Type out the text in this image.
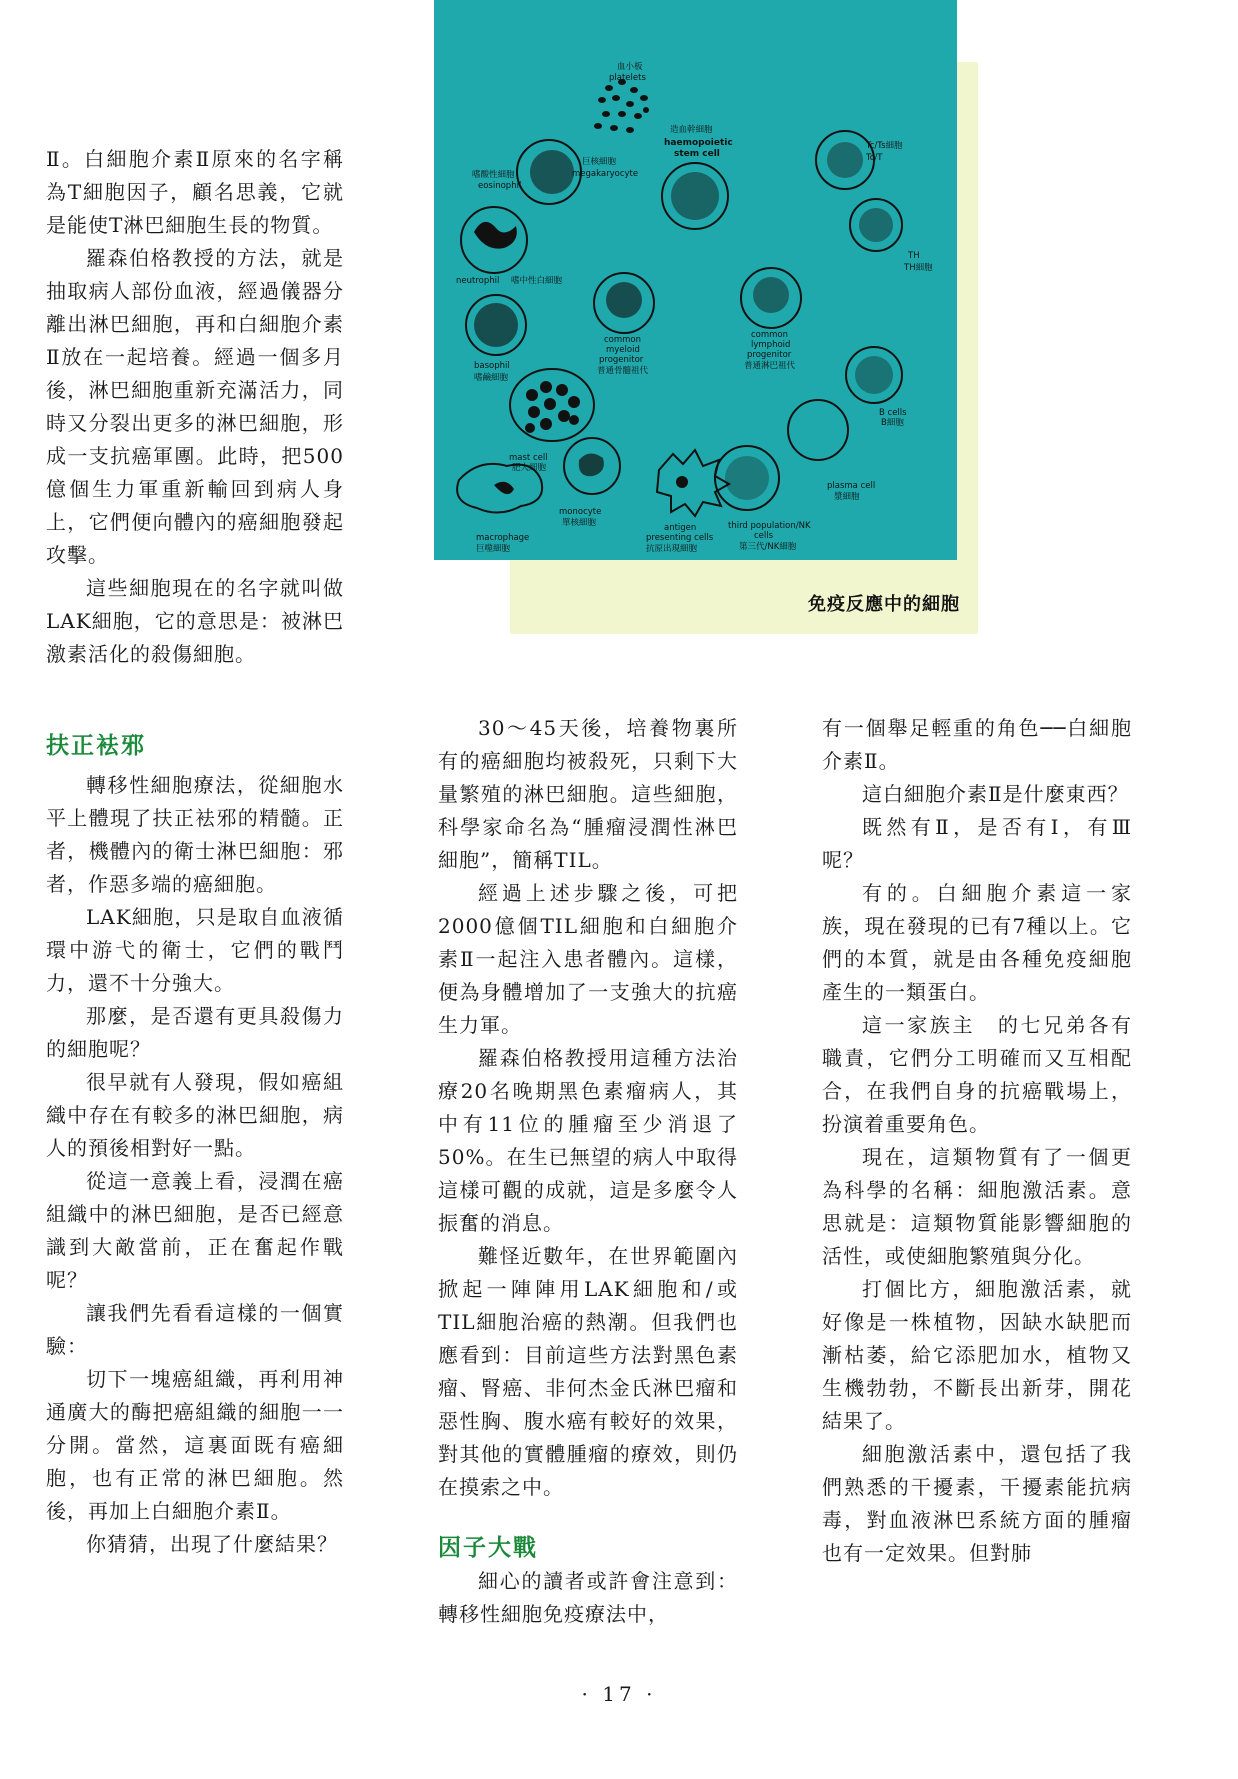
Ⅱ。白細胞介素Ⅱ原來的名字稱為T細胞因子，顧名思義，它就是能使T淋巴細胞生長的物質。

羅森伯格教授的方法，就是抽取病人部份血液，經過儀器分離出淋巴細胞，再和白細胞介素Ⅱ放在一起培養。經過一個多月後，淋巴細胞重新充滿活力，同時又分裂出更多的淋巴細胞，形成一支抗癌軍團。此時，把500億個生力軍重新輸回到病人身上，它們便向體內的癌細胞發起攻擊。

這些細胞現在的名字就叫做LAK細胞，它的意思是：被淋巴激素活化的殺傷細胞。

扶正袪邪

轉移性細胞療法，從細胞水平上體現了扶正袪邪的精髓。正者，機體內的衛士淋巴細胞：邪者，作惡多端的癌細胞。

LAK細胞，只是取自血液循環中游弋的衛士，它們的戰鬥力，還不十分強大。

那麼，是否還有更具殺傷力的細胞呢？

很早就有人發現，假如癌組織中存在有較多的淋巴細胞，病人的預後相對好一點。

從這一意義上看，浸潤在癌組織中的淋巴細胞，是否已經意識到大敵當前，正在奮起作戰呢？

讓我們先看看這樣的一個實驗：

切下一塊癌組織，再利用神通廣大的酶把癌組織的細胞一一分開。當然，這裏面既有癌細胞，也有正常的淋巴細胞。然後，再加上白細胞介素Ⅱ。

你猜猜，出現了什麼結果？

血小板
platelets
造血幹細胞
haemopoietic
stem cell
巨核細胞
megakaryocyte
嗜酸性細胞
eosinophil
neutrophil 嗜中性白細胞
Tc/Ts細胞
Tc/T
TH
TH細胞
common
myeloid
progenitor
普通骨髓祖代
common
lymphoid
progenitor
普通淋巴祖代
basophil
嗜鹼細胞
B cells
B細胞
mast cell
肥大細胞
plasma cell
漿細胞
monocyte
單核細胞	antigen
presenting cells
抗原出現細胞
third population/NK
cells
第三代/NK細胞
macrophage
巨噬細胞
免疫反應中的細胞

30～45天後，培養物裏所有的癌細胞均被殺死，只剩下大量繁殖的淋巴細胞。這些細胞，科學家命名為“腫瘤浸潤性淋巴細胞”，簡稱TIL。

經過上述步驟之後，可把2000億個TIL細胞和白細胞介素Ⅱ一起注入患者體內。這樣，便為身體增加了一支強大的抗癌生力軍。

羅森伯格教授用這種方法治療20名晚期黑色素瘤病人，其中有11位的腫瘤至少消退了50%。在生已無望的病人中取得這樣可觀的成就，這是多麼令人振奮的消息。

難怪近數年，在世界範圍內掀起一陣陣用LAK細胞和/或TIL細胞治癌的熱潮。但我們也應看到：目前這些方法對黑色素瘤、腎癌、非何杰金氏淋巴瘤和惡性胸、腹水癌有較好的效果，對其他的實體腫瘤的療效，則仍在摸索之中。

因子大戰

細心的讀者或許會注意到：轉移性細胞免疫療法中，

有一個舉足輕重的角色──白細胞介素Ⅱ。

這白細胞介素Ⅱ是什麼東西？

既然有Ⅱ，是否有Ⅰ，有Ⅲ呢？

有的。白細胞介素這一家族，現在發現的已有7種以上。它們的本質，就是由各種免疫細胞產生的一類蛋白。

這一家族主　的七兄弟各有職責，它們分工明確而又互相配合，在我們自身的抗癌戰場上，扮演着重要角色。

現在，這類物質有了一個更為科學的名稱：細胞激活素。意思就是：這類物質能影響細胞的活性，或使細胞繁殖與分化。

打個比方，細胞激活素，就好像是一株植物，因缺水缺肥而漸枯萎，給它添肥加水，植物又生機勃勃，不斷長出新芽，開花結果了。

細胞激活素中，還包括了我們熟悉的干擾素，干擾素能抗病毒，對血液淋巴系統方面的腫瘤也有一定效果。但對肺

· 17 ·
